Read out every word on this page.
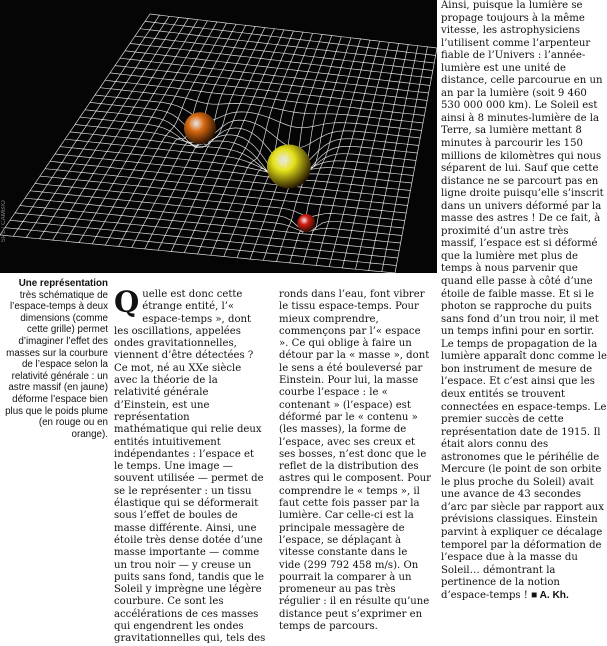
SPL / CAMBIO
Une représentation
très schématique de l’espace-temps à deux dimensions (comme cette grille) permet d’imaginer l’effet des masses sur la courbure de l’espace selon la relativité générale : un astre massif (en jaune) déforme l’espace bien plus que le poids plume (en rouge ou en orange).
Q uelle est donc cette étrange entité, l’« espace-temps », dont les oscillations, appelées ondes gravitationnelles, viennent d’être détectées ? Ce mot, né au XXe siècle avec la théorie de la relativité générale d’Einstein, est une représentation mathématique qui relie deux entités intuitivement indépendantes : l’espace et le temps. Une image — souvent utilisée — permet de se le représenter : un tissu élastique qui se déformerait sous l’effet de boules de masse différente. Ainsi, une étoile très dense dotée d’une masse importante — comme un trou noir — y creuse un puits sans fond, tandis que le Soleil y imprègne une légère courbure. Ce sont les accélérations de ces masses qui engendrent les ondes gravitationnelles qui, tels des

ronds dans l’eau, font vibrer le tissu espace-temps. Pour mieux comprendre, commençons par l’« espace ». Ce qui oblige à faire un détour par la « masse », dont le sens a été bouleversé par Einstein. Pour lui, la masse courbe l’espace : le « contenant » (l’espace) est déformé par le « contenu » (les masses), la forme de l’espace, avec ses creux et ses bosses, n’est donc que le reflet de la distribution des astres qui le composent. Pour comprendre le « temps », il faut cette fois passer par la lumière. Car celle-ci est la principale messagère de l’espace, se déplaçant à vitesse constante dans le vide (299 792 458 m/s). On pourrait la comparer à un promeneur au pas très régulier : il en résulte qu’une distance peut s’exprimer en temps de parcours.

Ainsi, puisque la lumière se propage toujours à la même vitesse, les astrophysiciens l’utilisent comme l’arpenteur fiable de l’Univers : l’année-lumière est une unité de distance, celle parcourue en un an par la lumière (soit 9 460 530 000 000 km). Le Soleil est ainsi à 8 minutes-lumière de la Terre, sa lumière mettant 8 minutes à parcourir les 150 millions de kilomètres qui nous séparent de lui. Sauf que cette distance ne se parcourt pas en ligne droite puisqu’elle s’inscrit dans un univers déformé par la masse des astres ! De ce fait, à proximité d’un astre très massif, l’espace est si déformé que la lumière met plus de temps à nous parvenir que quand elle passe à côté d’une étoile de faible masse. Et si le photon se rapproche du puits sans fond d’un trou noir, il met un temps infini pour en sortir. Le temps de propagation de la lumière apparaît donc comme le bon instrument de mesure de l’espace. Et c’est ainsi que les deux entités se trouvent connectées en espace-temps. Le premier succès de cette représentation date de 1915. Il était alors connu des astronomes que le périhélie de Mercure (le point de son orbite le plus proche du Soleil) avait une avance de 43 secondes d’arc par siècle par rapport aux prévisions classiques. Einstein parvint à expliquer ce décalage temporel par la déformation de l’espace due à la masse du Soleil… démontrant la pertinence de la notion d’espace-temps ! ■ A. Kh.
